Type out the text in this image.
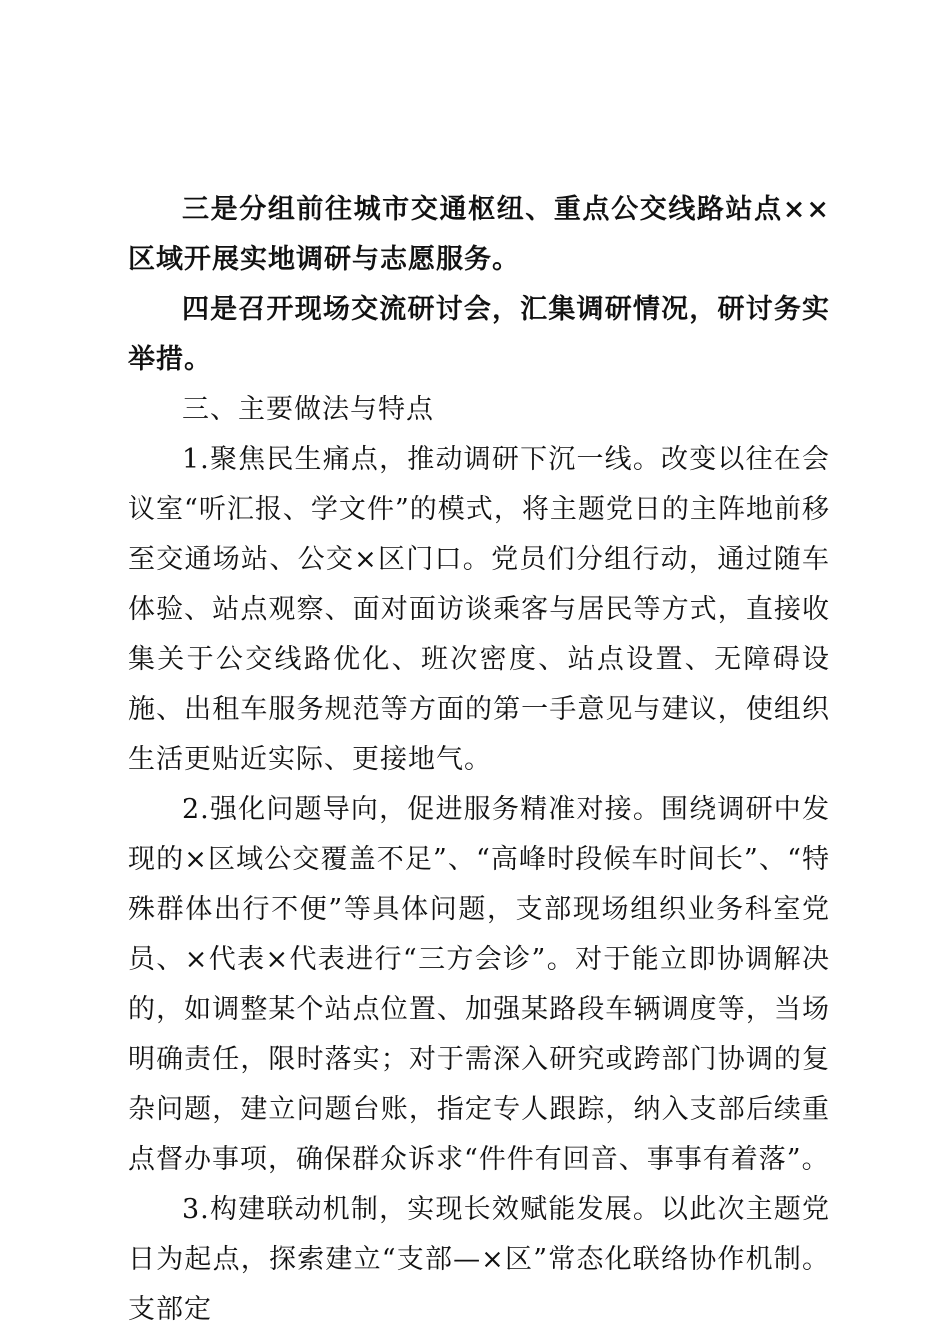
三是分组前往城市交通枢纽、重点公交线路站点××区域开展实地调研与志愿服务。

四是召开现场交流研讨会，汇集调研情况，研讨务实举措。

三、主要做法与特点

1.聚焦民生痛点，推动调研下沉一线。改变以往在会议室“听汇报、学文件”的模式，将主题党日的主阵地前移至交通场站、公交×区门口。党员们分组行动，通过随车体验、站点观察、面对面访谈乘客与居民等方式，直接收集关于公交线路优化、班次密度、站点设置、无障碍设施、出租车服务规范等方面的第一手意见与建议，使组织生活更贴近实际、更接地气。

2.强化问题导向，促进服务精准对接。围绕调研中发现的×区域公交覆盖不足”、“高峰时段候车时间长”、“特殊群体出行不便”等具体问题，支部现场组织业务科室党员、×代表×代表进行“三方会诊”。对于能立即协调解决的，如调整某个站点位置、加强某路段车辆调度等，当场明确责任，限时落实；对于需深入研究或跨部门协调的复杂问题，建立问题台账，指定专人跟踪，纳入支部后续重点督办事项，确保群众诉求“件件有回音、事事有着落”。

3.构建联动机制，实现长效赋能发展。以此次主题党日为起点，探索建立“支部—×区”常态化联络协作机制。支部定
